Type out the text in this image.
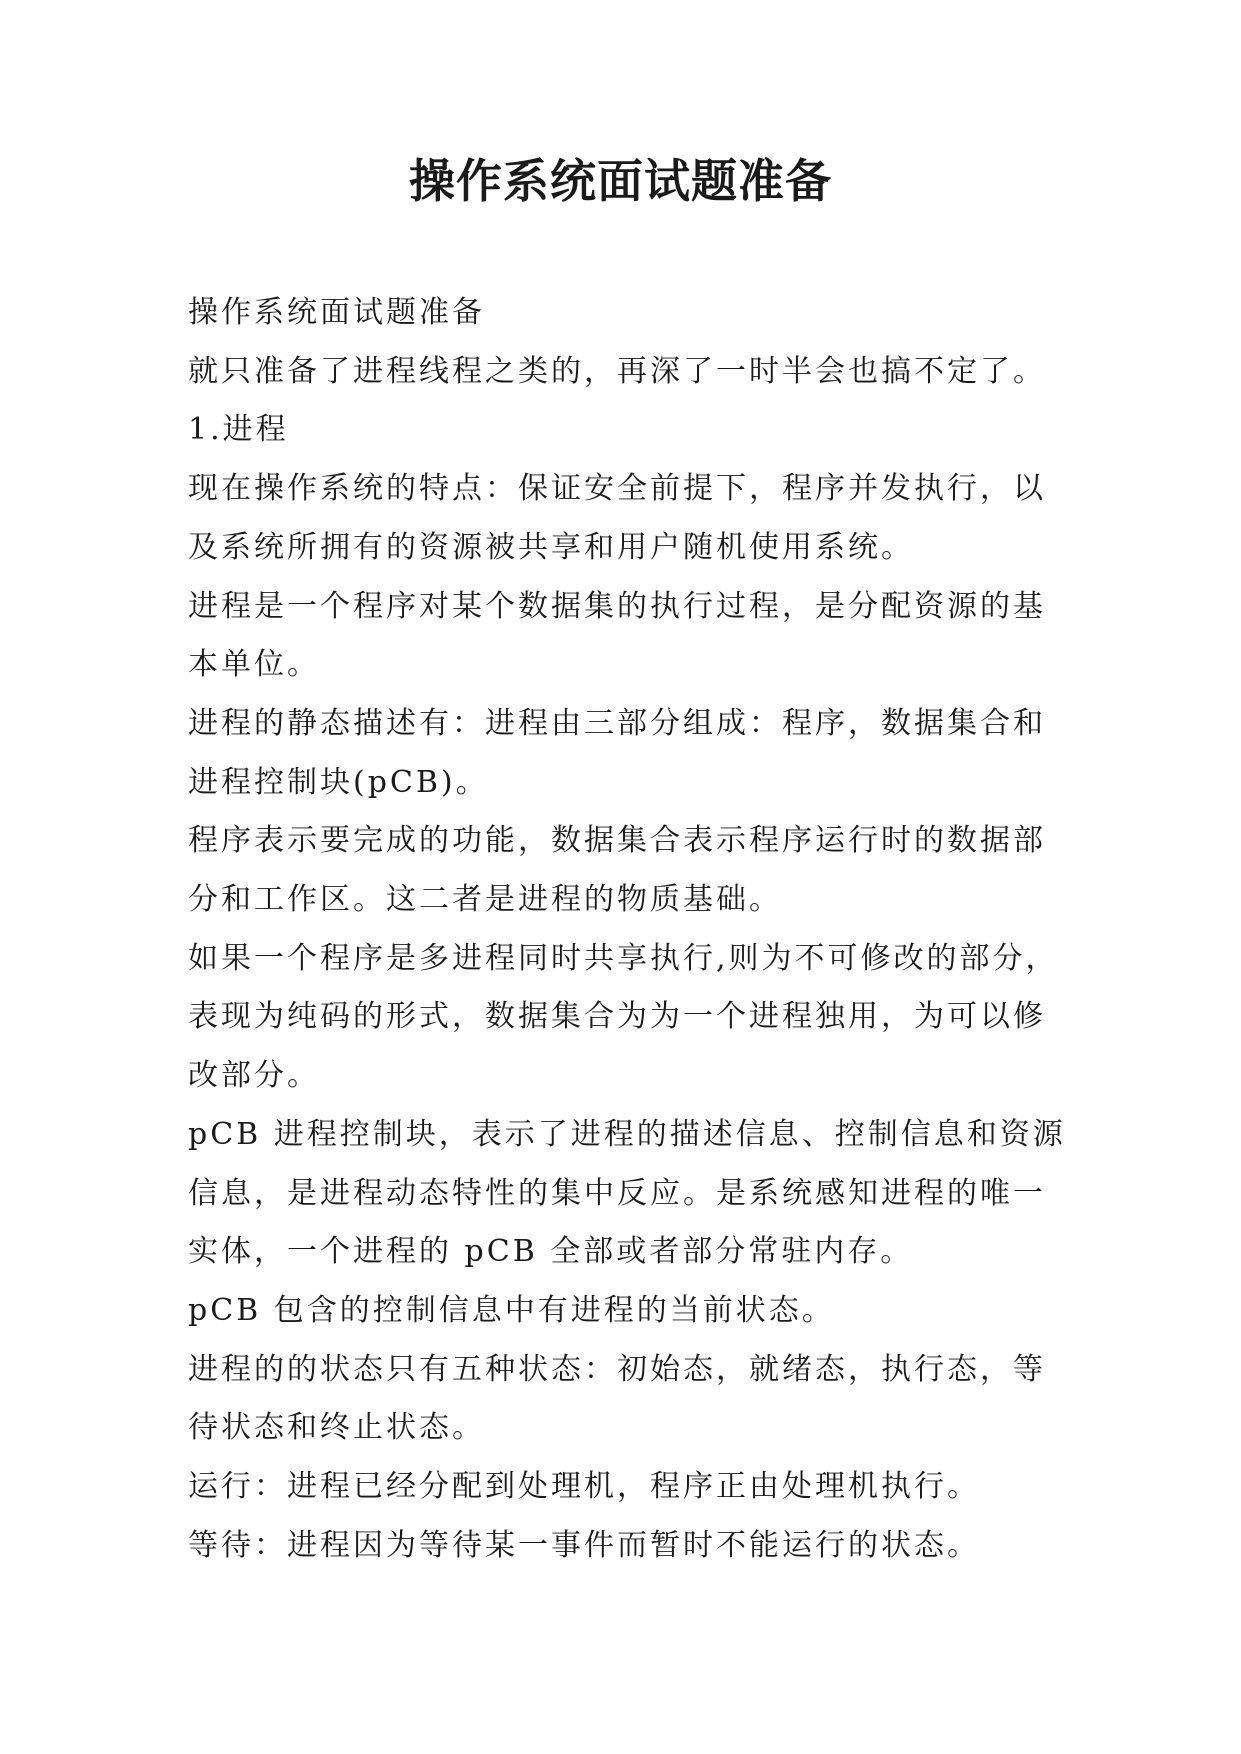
操作系统面试题准备

操作系统面试题准备

就只准备了进程线程之类的，再深了一时半会也搞不定了。

1.进程

现在操作系统的特点：保证安全前提下，程序并发执行，以及系统所拥有的资源被共享和用户随机使用系统。

进程是一个程序对某个数据集的执行过程，是分配资源的基本单位。

进程的静态描述有：进程由三部分组成：程序，数据集合和进程控制块(pCB)。

程序表示要完成的功能，数据集合表示程序运行时的数据部分和工作区。这二者是进程的物质基础。

如果一个程序是多进程同时共享执行,则为不可修改的部分，表现为纯码的形式，数据集合为为一个进程独用，为可以修改部分。

pCB 进程控制块，表示了进程的描述信息、控制信息和资源信息，是进程动态特性的集中反应。是系统感知进程的唯一实体，一个进程的 pCB 全部或者部分常驻内存。

pCB 包含的控制信息中有进程的当前状态。

进程的的状态只有五种状态：初始态，就绪态，执行态，等待状态和终止状态。

运行：进程已经分配到处理机，程序正由处理机执行。

等待：进程因为等待某一事件而暂时不能运行的状态。
